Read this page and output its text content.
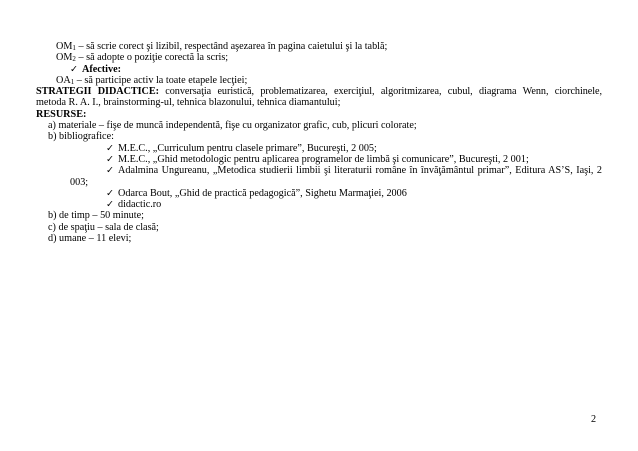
$OM_1$ – să scrie corect şi lizibil, respectând aşezarea în pagina caietului şi la tablă;
$OM_2$ – să adopte o poziţie corectă la scris;
✓ Afective:
$OA_1$ – să participe activ la toate etapele lecţiei;
STRATEGII DIDACTICE: conversaţia euristică, problematizarea, exerciţiul, algoritmizarea, cubul, diagrama Wenn, ciorchinele,
metoda R. A. I., brainstorming-ul, tehnica blazonului, tehnica diamantului;
RESURSE:
a) materiale – fişe de muncă independentă, fişe cu organizator grafic, cub, plicuri colorate;
b) bibliografice:
✓ M.E.C., „Curriculum pentru clasele primare”, Bucureşti, 2 005;
✓ M.E.C., „Ghid metodologic pentru aplicarea programelor de limbă şi comunicare”, Bucureşti, 2 001;
✓ Adalmina Ungureanu, „Metodica studierii limbii şi literaturii române în învăţământul primar”, Editura AS’S, Iaşi, 2
003;
✓ Odarca Bout, „Ghid de practică pedagogică”, Sighetu Marmaţiei, 2006
✓ didactic.ro
b) de timp – 50 minute;
c) de spaţiu – sala de clasă;
d) umane – 11 elevi;
2
